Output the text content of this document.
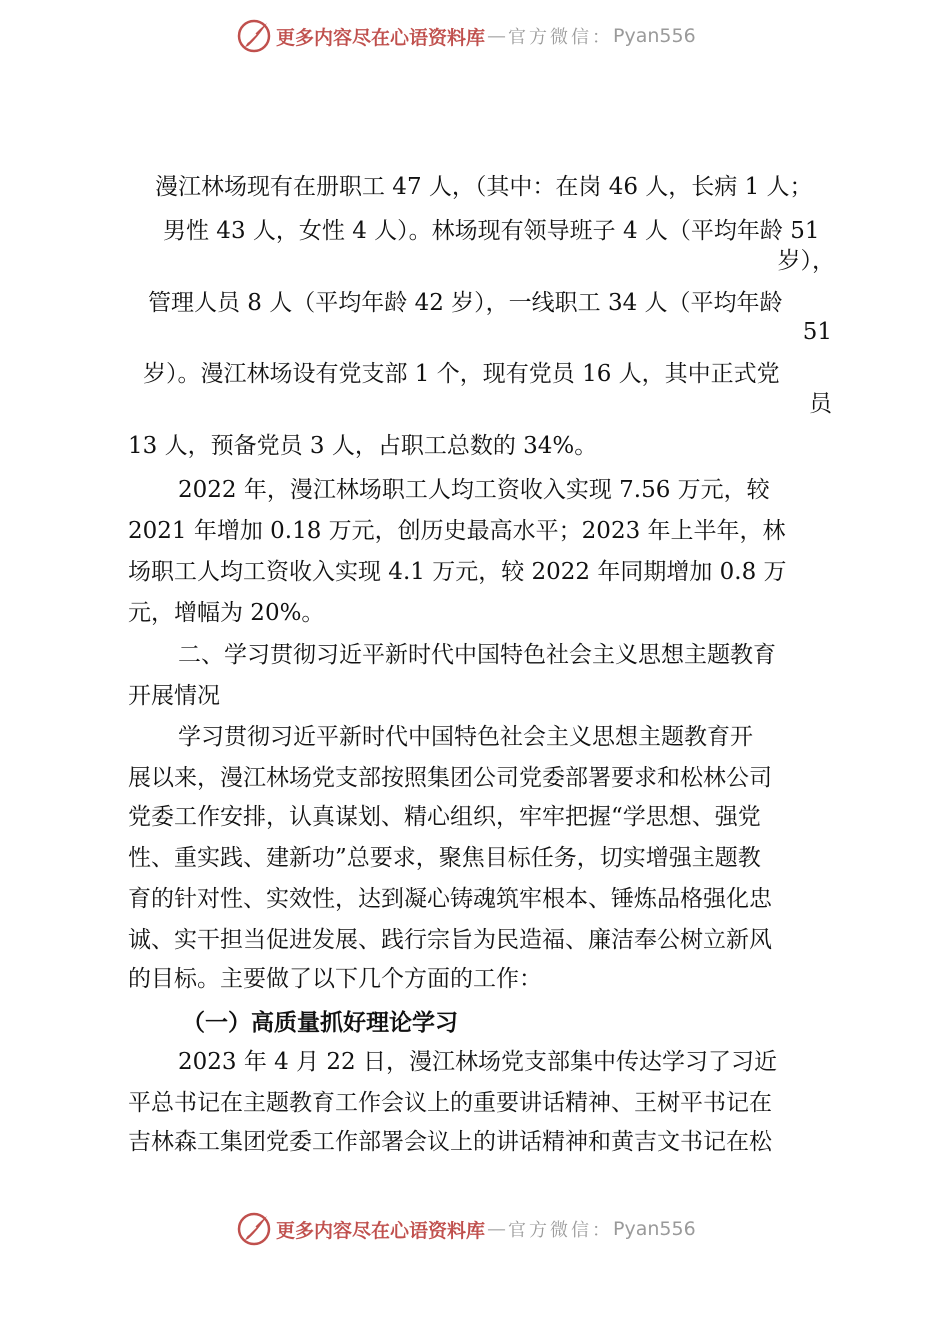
更多内容尽在心语资料库 — 官方微信： Pyan556
漫江林场现有在册职工 47 人，（其中：在岗 46 人，长病 1 人；
男性 43 人，女性 4 人）。林场现有领导班子 4 人（平均年龄 51
岁），
管理人员 8 人（平均年龄 42 岁），一线职工 34 人（平均年龄
51
岁）。漫江林场设有党支部 1 个，现有党员 16 人，其中正式党
员
13 人，预备党员 3 人，占职工总数的 34%。
2022 年，漫江林场职工人均工资收入实现 7.56 万元，较
2021 年增加 0.18 万元，创历史最高水平；2023 年上半年，林
场职工人均工资收入实现 4.1 万元，较 2022 年同期增加 0.8 万
元，增幅为 20%。
二、学习贯彻习近平新时代中国特色社会主义思想主题教育
开展情况
学习贯彻习近平新时代中国特色社会主义思想主题教育开
展以来，漫江林场党支部按照集团公司党委部署要求和松林公司
党委工作安排，认真谋划、精心组织，牢牢把握“学思想、强党
性、重实践、建新功”总要求，聚焦目标任务，切实增强主题教
育的针对性、实效性，达到凝心铸魂筑牢根本、锤炼品格强化忠
诚、实干担当促进发展、践行宗旨为民造福、廉洁奉公树立新风
的目标。主要做了以下几个方面的工作：
（一）高质量抓好理论学习
2023 年 4 月 22 日，漫江林场党支部集中传达学习了习近
平总书记在主题教育工作会议上的重要讲话精神、王树平书记在
吉林森工集团党委工作部署会议上的讲话精神和黄吉文书记在松
更多内容尽在心语资料库 — 官方微信： Pyan556
